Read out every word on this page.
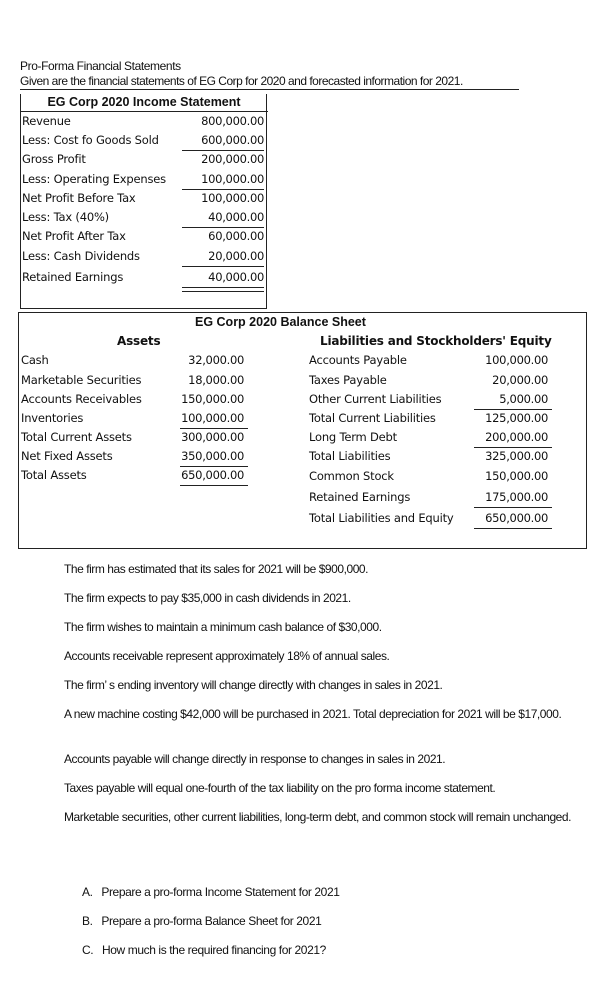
Pro-Forma Financial Statements
Given are the financial statements of EG Corp for 2020 and forecasted information for 2021.
EG Corp 2020 Income Statement
Revenue	800,000.00
Less: Cost fo Goods Sold	600,000.00
Gross Profit	200,000.00
Less: Operating Expenses	100,000.00
Net Profit Before Tax	100,000.00
Less: Tax (40%)	40,000.00
Net Profit After Tax	60,000.00
Less: Cash Dividends	20,000.00
Retained Earnings	40,000.00
EG Corp 2020 Balance Sheet
Assets	Liabilities and Stockholders' Equity
Cash	32,000.00
Marketable Securities	18,000.00
Accounts Receivables	150,000.00
Inventories	100,000.00
Total Current Assets	300,000.00
Net Fixed Assets	350,000.00
Total Assets	650,000.00
Accounts Payable	100,000.00
Taxes Payable	20,000.00
Other Current Liabilities	5,000.00
Total Current Liabilities	125,000.00
Long Term Debt	200,000.00
Total Liabilities	325,000.00
Common Stock	150,000.00
Retained Earnings	175,000.00
Total Liabilities and Equity	650,000.00
The firm has estimated that its sales for 2021 will be $900,000.
The firm expects to pay $35,000 in cash dividends in 2021.
The firm wishes to maintain a minimum cash balance of $30,000.
Accounts receivable represent approximately 18% of annual sales.
The firm’ s ending inventory will change directly with changes in sales in 2021.
A new machine costing $42,000 will be purchased in 2021. Total depreciation for 2021 will be $17,000.
Accounts payable will change directly in response to changes in sales in 2021.
Taxes payable will equal one-fourth of the tax liability on the pro forma income statement.
Marketable securities, other current liabilities, long-term debt, and common stock will remain unchanged.
A. Prepare a pro-forma Income Statement for 2021
B. Prepare a pro-forma Balance Sheet for 2021
C. How much is the required financing for 2021?
